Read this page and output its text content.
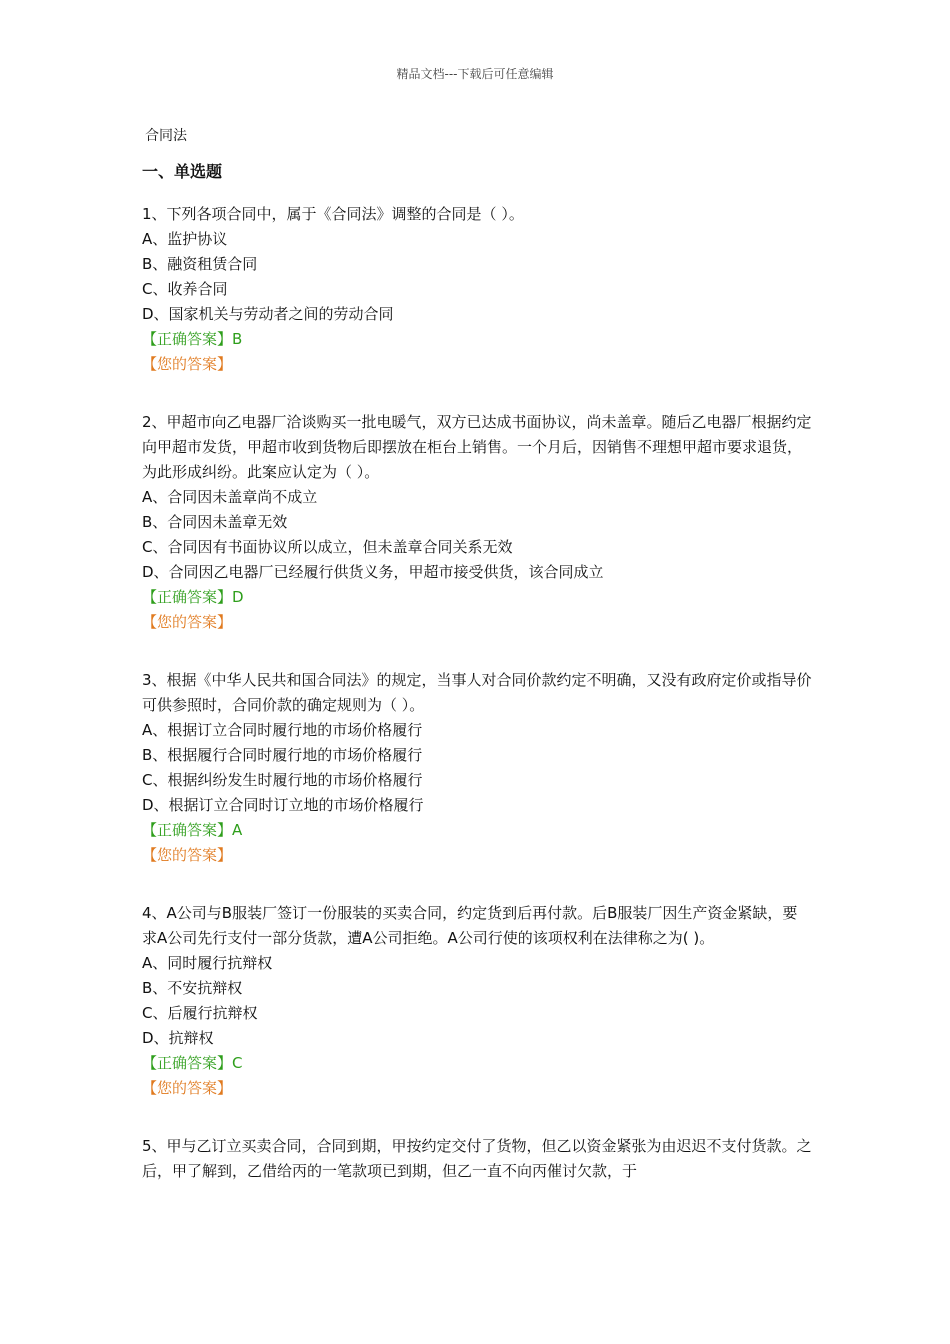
精品文档---下载后可任意编辑
合同法
一、单选题
1、下列各项合同中，属于《合同法》调整的合同是（ ）。
A、监护协议
B、融资租赁合同
C、收养合同
D、国家机关与劳动者之间的劳动合同
【正确答案】B
【您的答案】
2、甲超市向乙电器厂洽谈购买一批电暖气，双方已达成书面协议，尚未盖章。随后乙电器厂根据约定向甲超市发货，甲超市收到货物后即摆放在柜台上销售。一个月后，因销售不理想甲超市要求退货，为此形成纠纷。此案应认定为（ ）。
A、合同因未盖章尚不成立
B、合同因未盖章无效
C、合同因有书面协议所以成立，但未盖章合同关系无效
D、合同因乙电器厂已经履行供货义务，甲超市接受供货，该合同成立
【正确答案】D
【您的答案】
3、根据《中华人民共和国合同法》的规定，当事人对合同价款约定不明确，又没有政府定价或指导价可供参照时，合同价款的确定规则为（ ）。
A、根据订立合同时履行地的市场价格履行
B、根据履行合同时履行地的市场价格履行
C、根据纠纷发生时履行地的市场价格履行
D、根据订立合同时订立地的市场价格履行
【正确答案】A
【您的答案】
4、A公司与B服装厂签订一份服装的买卖合同，约定货到后再付款。后B服装厂因生产资金紧缺，要求A公司先行支付一部分货款，遭A公司拒绝。A公司行使的该项权利在法律称之为( )。
A、同时履行抗辩权
B、不安抗辩权
C、后履行抗辩权
D、抗辩权
【正确答案】C
【您的答案】
5、甲与乙订立买卖合同，合同到期，甲按约定交付了货物，但乙以资金紧张为由迟迟不支付货款。之后，甲了解到，乙借给丙的一笔款项已到期，但乙一直不向丙催讨欠款，于
